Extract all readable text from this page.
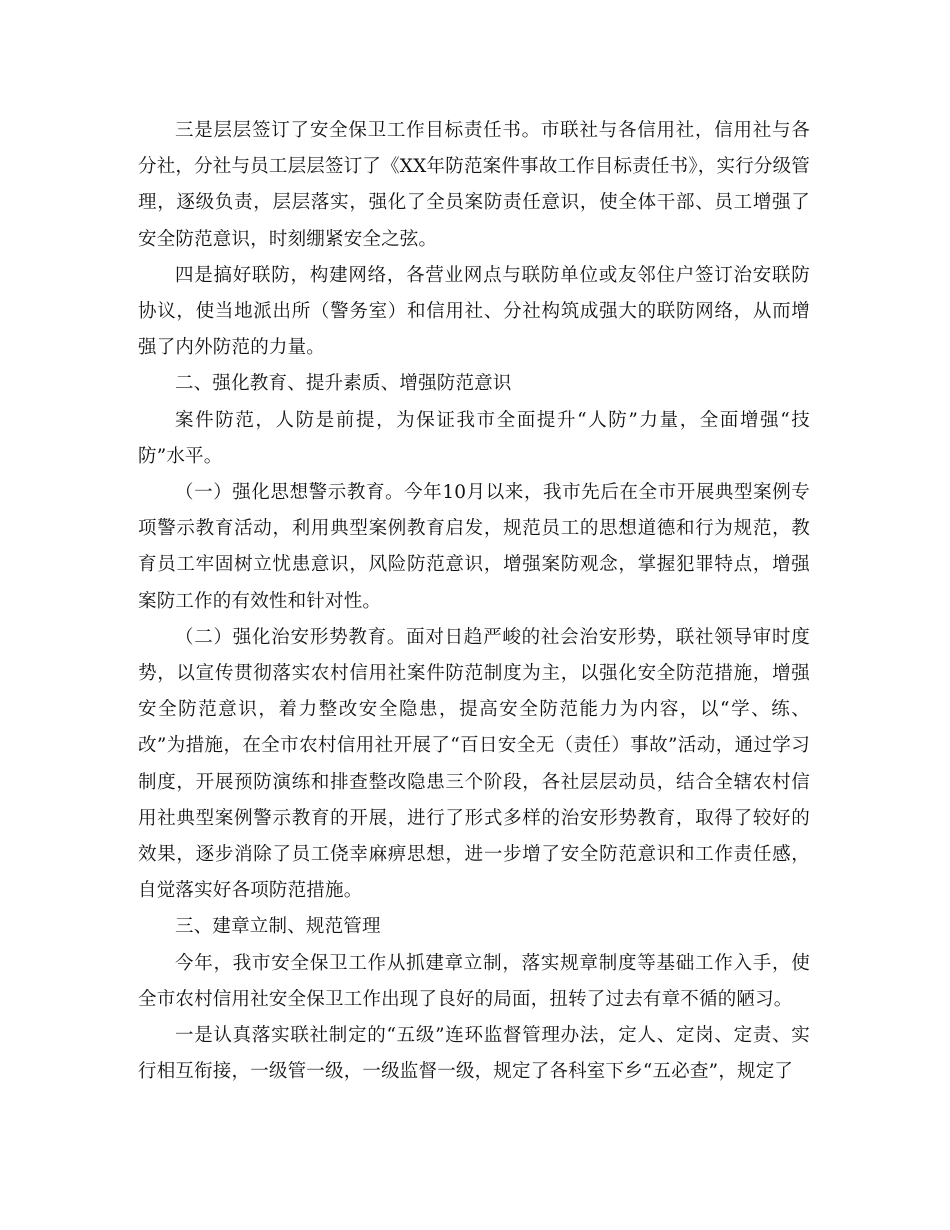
三是层层签订了安全保卫工作目标责任书。市联社与各信用社，信用社与各分社，分社与员工层层签订了《XX年防范案件事故工作目标责任书》，实行分级管理，逐级负责，层层落实，强化了全员案防责任意识，使全体干部、员工增强了安全防范意识，时刻绷紧安全之弦。

四是搞好联防，构建网络，各营业网点与联防单位或友邻住户签订治安联防协议，使当地派出所（警务室）和信用社、分社构筑成强大的联防网络，从而增强了内外防范的力量。

二、强化教育、提升素质、增强防范意识

案件防范，人防是前提，为保证我市全面提升“人防”力量，全面增强“技防”水平。

（一）强化思想警示教育。今年10月以来，我市先后在全市开展典型案例专项警示教育活动，利用典型案例教育启发，规范员工的思想道德和行为规范，教育员工牢固树立忧患意识，风险防范意识，增强案防观念，掌握犯罪特点，增强案防工作的有效性和针对性。

（二）强化治安形势教育。面对日趋严峻的社会治安形势，联社领导审时度势，以宣传贯彻落实农村信用社案件防范制度为主，以强化安全防范措施，增强安全防范意识，着力整改安全隐患，提高安全防范能力为内容，以“学、练、改”为措施，在全市农村信用社开展了“百日安全无（责任）事故”活动，通过学习制度，开展预防演练和排查整改隐患三个阶段，各社层层动员，结合全辖农村信用社典型案例警示教育的开展，进行了形式多样的治安形势教育，取得了较好的效果，逐步消除了员工侥幸麻痹思想，进一步增了安全防范意识和工作责任感，自觉落实好各项防范措施。

三、建章立制、规范管理

今年，我市安全保卫工作从抓建章立制，落实规章制度等基础工作入手，使全市农村信用社安全保卫工作出现了良好的局面，扭转了过去有章不循的陋习。

一是认真落实联社制定的“五级”连环监督管理办法，定人、定岗、定责、实行相互衔接，一级管一级，一级监督一级，规定了各科室下乡“五必查”，规定了
